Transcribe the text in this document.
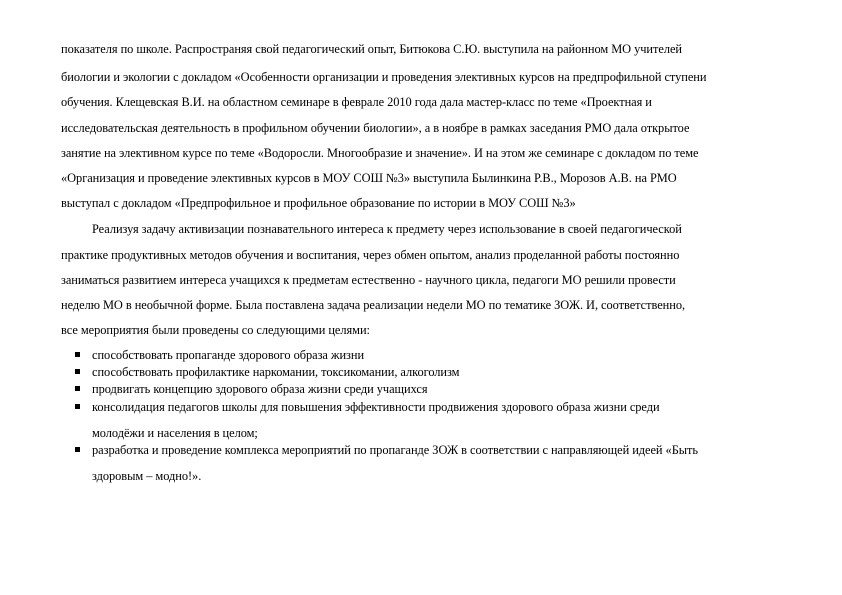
показателя по школе. Распространяя свой педагогический опыт, Битюкова С.Ю. выступила на районном МО учителей
биологии и экологии с докладом «Особенности организации и проведения элективных курсов на предпрофильной ступени
обучения. Клещевская В.И. на областном семинаре в феврале 2010 года дала мастер-класс по теме «Проектная и
исследовательская деятельность в профильном обучении биологии», а в ноябре в рамках заседания РМО дала открытое
занятие на элективном курсе по теме «Водоросли. Многообразие и значение». И на этом же семинаре с докладом по теме
«Организация и проведение элективных курсов в МОУ СОШ №3» выступила Былинкина Р.В., Морозов А.В. на РМО
выступал с докладом «Предпрофильное и профильное образование по истории в МОУ СОШ №3»
Реализуя задачу активизации познавательного интереса к предмету через использование в своей педагогической
практике продуктивных методов обучения и воспитания, через обмен опытом, анализ проделанной работы постоянно
заниматься развитием интереса учащихся к предметам естественно - научного цикла, педагоги МО решили провести
неделю МО в необычной форме. Была поставлена задача реализации недели МО по тематике ЗОЖ. И, соответственно,
все мероприятия были проведены со следующими целями:
способствовать пропаганде здорового образа жизни
способствовать профилактике наркомании, токсикомании, алкоголизм
продвигать концепцию здорового образа жизни среди учащихся
консолидация педагогов школы для повышения эффективности продвижения здорового образа жизни среди
молодёжи и населения в целом;
разработка и проведение комплекса мероприятий по пропаганде ЗОЖ в соответствии с направляющей идеей «Быть
здоровым – модно!».
